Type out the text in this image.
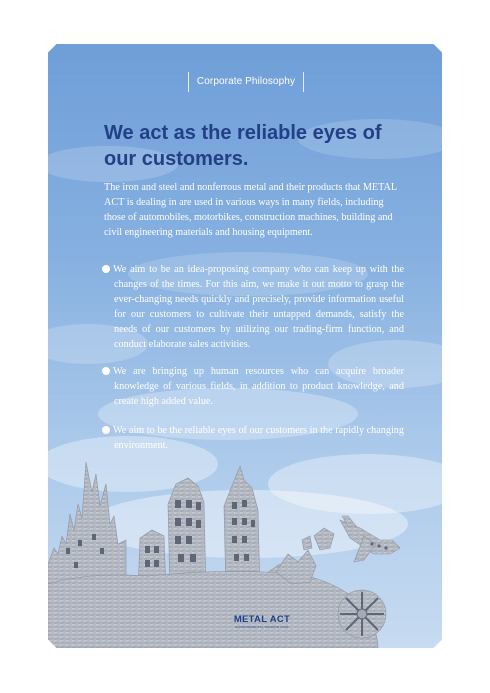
Corporate Philosophy
We act as the reliable eyes of our customers.

The iron and steel and nonferrous metal and their products that METAL ACT is dealing in are used in various ways in many fields, including those of automobiles, motorbikes, construction machines, building and civil engineering materials and housing equipment.

We aim to be an idea-proposing company who can keep up with the changes of the times. For this aim, we make it out motto to grasp the ever-changing needs quickly and precisely, provide information useful for our customers to cultivate their untapped demands, satisfy the needs of our customers by utilizing our trading-firm function, and conduct elaborate sales activities.
We are bringing up human resources who can acquire broader knowledge of various fields, in addition to product knowledge, and create high added value.
We aim to be the reliable eyes of our customers in the rapidly changing environment.
METAL ACT
ENVIRONMENTAL TRADING FIRM
